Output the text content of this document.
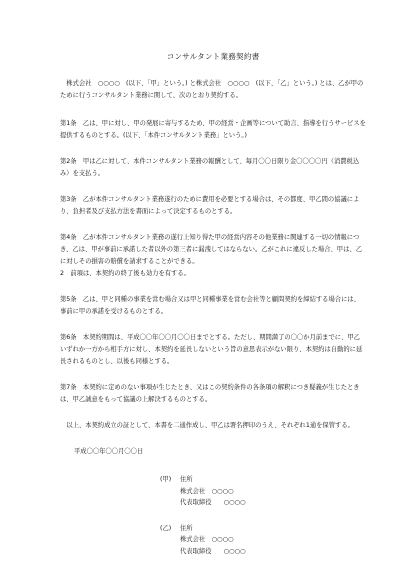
コンサルタント業務契約書

株式会社　○○○○　(以下、「甲」という。) と株式会社　○○○○　(以下、「乙」という。) とは、乙が甲のために行うコンサルタント業務に関して、次のとおり契約する。

第1条　乙は、甲に対し、甲の発展に寄与するため、甲の経営・企画等について助言、指導を行うサービスを提供するものとする。(以下、「本件コンサルタント業務」という。)

第2条　甲は乙に対して、本件コンサルタント業務の報酬として、毎月〇〇日限り金〇〇〇〇円（消費税込み）を支払う。

第3条　乙が本件コンサルタント業務遂行のために費用を必要とする場合は、その都度、甲乙間の協議により、負担者及び支払方法を書面によって決定するものとする。

第4条　乙が本件コンサルタント業務の遂行上知り得た甲の経営内容その他業務に関連する一切の情報につき、乙は、甲が事前に承諾した者以外の第三者に漏洩してはならない。乙がこれに違反した場合、甲は、乙に対しその損害の賠償を請求することができる。

2　前項は、本契約の終了後も効力を有する。

第5条　乙は、甲と同種の事業を営む場合又は甲と同種事業を営む会社等と顧問契約を締結する場合には、事前に甲の承諾を受けるものとする。

第6条　本契約期間は、平成〇〇年〇〇月〇〇日までとする。ただし、期間満了の〇〇か月前までに、甲乙いずれか一方から相手方に対し、本契約を延長しないという旨の意思表示がない限り、本契約は自動的に延長されるものとし、以後も同様とする。

第7条　本契約に定めのない事項が生じたとき、又はこの契約条件の各条項の解釈につき疑義が生じたときは、甲乙誠意をもって協議の上解決するものとする。

以上、本契約成立の証として、本書を二通作成し、甲乙は署名押印のうえ、それぞれ1通を保管する。

平成〇〇年〇〇月〇〇日
(甲)	住所
株式会社　○○○○
代表取締役 ○○○○
(乙)	住所
株式会社　○○○○
代表取締役 ○○○○
